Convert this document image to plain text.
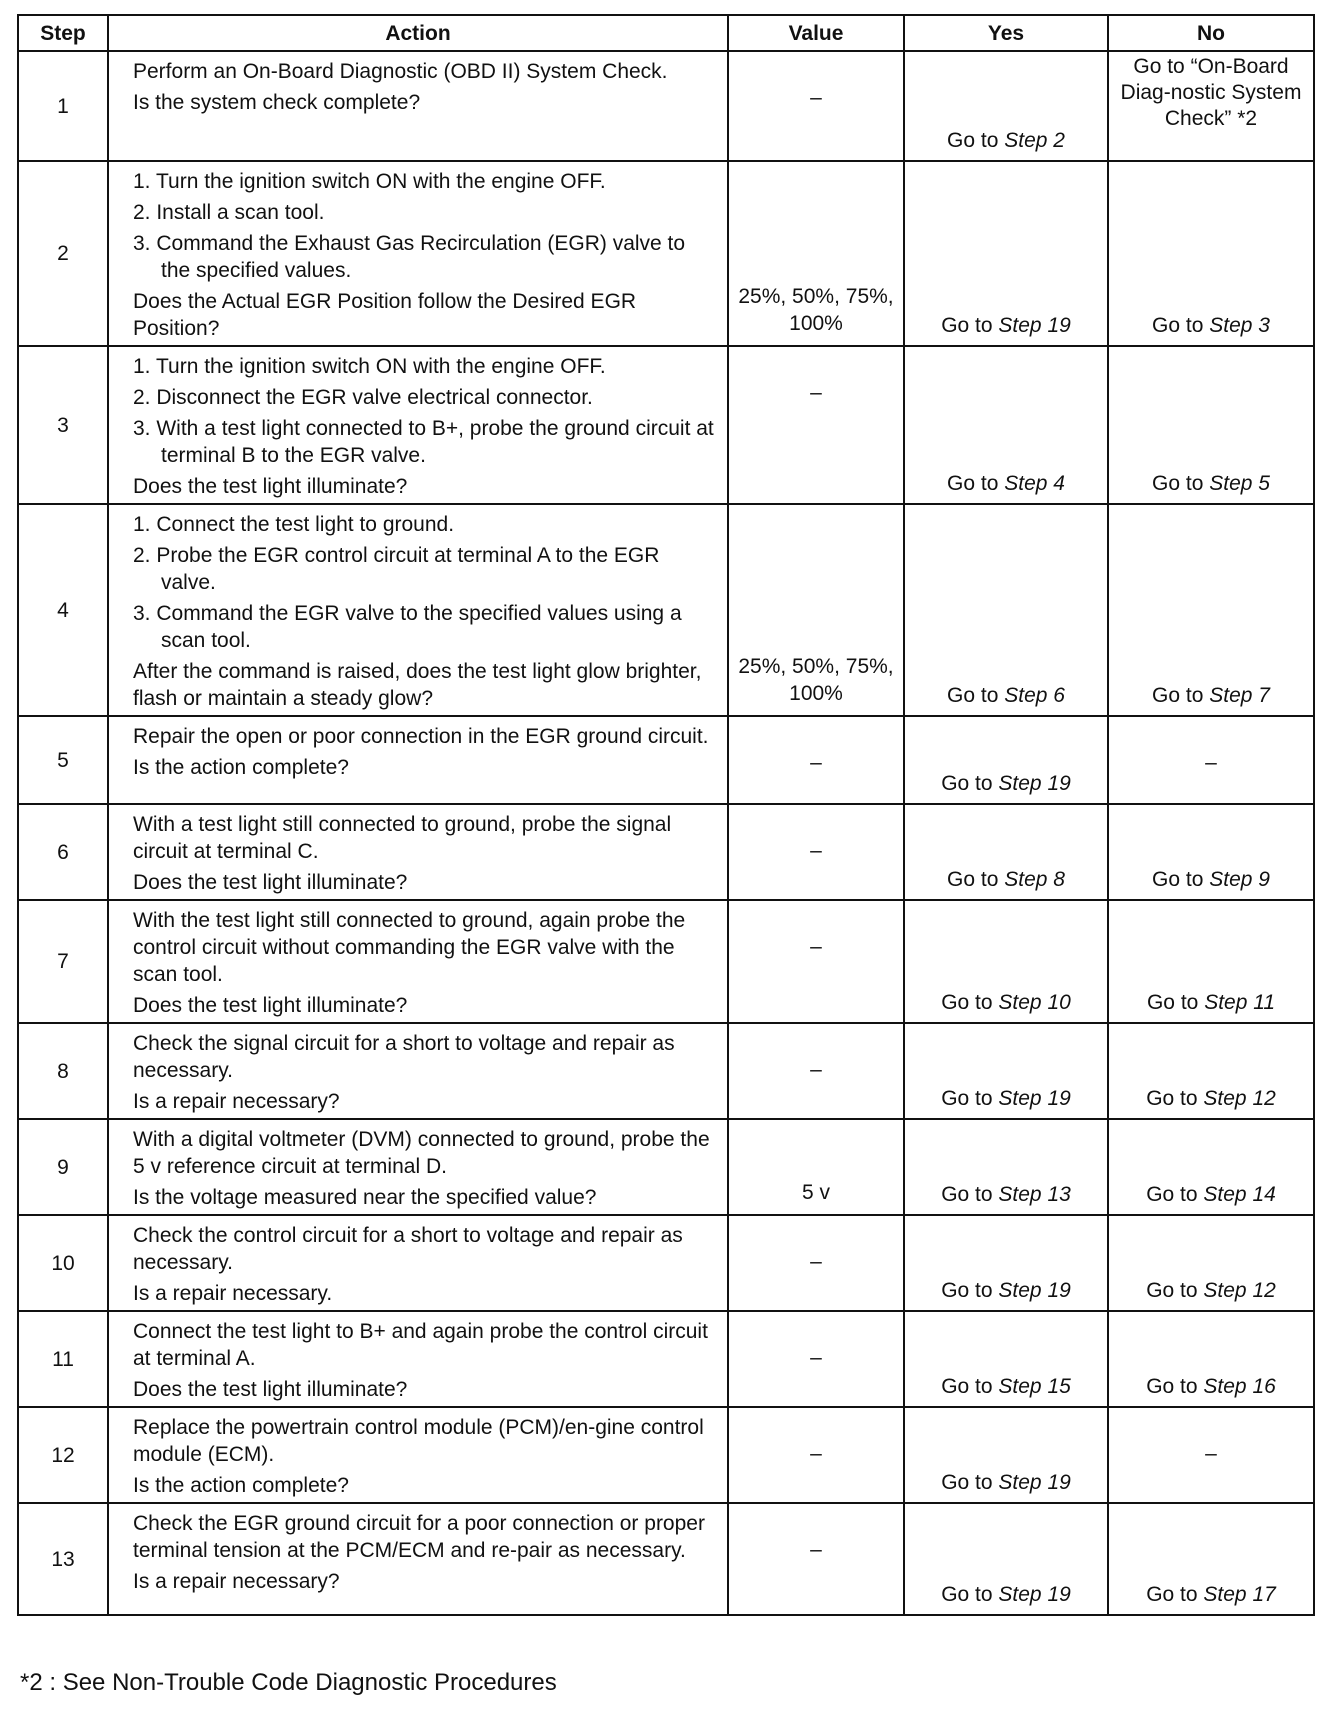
Step	Action	Value	Yes	No
1	Perform an On-Board Diagnostic (OBD II) System Check.
Is the system check complete?	–	Go to Step 2	Go to “On-Board Diag-nostic System Check” *2
2	1. Turn the ignition switch ON with the engine OFF.
2. Install a scan tool.
3. Command the Exhaust Gas Recirculation (EGR) valve to the specified values.
Does the Actual EGR Position follow the Desired EGR Position?	25%, 50%, 75%, 100%	Go to Step 19	Go to Step 3
3	1. Turn the ignition switch ON with the engine OFF.
2. Disconnect the EGR valve electrical connector.
3. With a test light connected to B+, probe the ground circuit at terminal B to the EGR valve.
Does the test light illuminate?	–	Go to Step 4	Go to Step 5
4	1. Connect the test light to ground.
2. Probe the EGR control circuit at terminal A to the EGR valve.
3. Command the EGR valve to the specified values using a scan tool.
After the command is raised, does the test light glow brighter, flash or maintain a steady glow?	25%, 50%, 75%, 100%	Go to Step 6	Go to Step 7
5	Repair the open or poor connection in the EGR ground circuit.
Is the action complete?	–	Go to Step 19	–
6	With a test light still connected to ground, probe the signal circuit at terminal C.
Does the test light illuminate?	–	Go to Step 8	Go to Step 9
7	With the test light still connected to ground, again probe the control circuit without commanding the EGR valve with the scan tool.
Does the test light illuminate?	–	Go to Step 10	Go to Step 11
8	Check the signal circuit for a short to voltage and repair as necessary.
Is a repair necessary?	–	Go to Step 19	Go to Step 12
9	With a digital voltmeter (DVM) connected to ground, probe the 5 v reference circuit at terminal D.
Is the voltage measured near the specified value?	5 v	Go to Step 13	Go to Step 14
10	Check the control circuit for a short to voltage and repair as necessary.
Is a repair necessary.	–	Go to Step 19	Go to Step 12
11	Connect the test light to B+ and again probe the control circuit at terminal A.
Does the test light illuminate?	–	Go to Step 15	Go to Step 16
12	Replace the powertrain control module (PCM)/en-gine control module (ECM).
Is the action complete?	–	Go to Step 19	–
13	Check the EGR ground circuit for a poor connection or proper terminal tension at the PCM/ECM and re-pair as necessary.
Is a repair necessary?	–	Go to Step 19	Go to Step 17
*2 : See Non-Trouble Code Diagnostic Procedures
